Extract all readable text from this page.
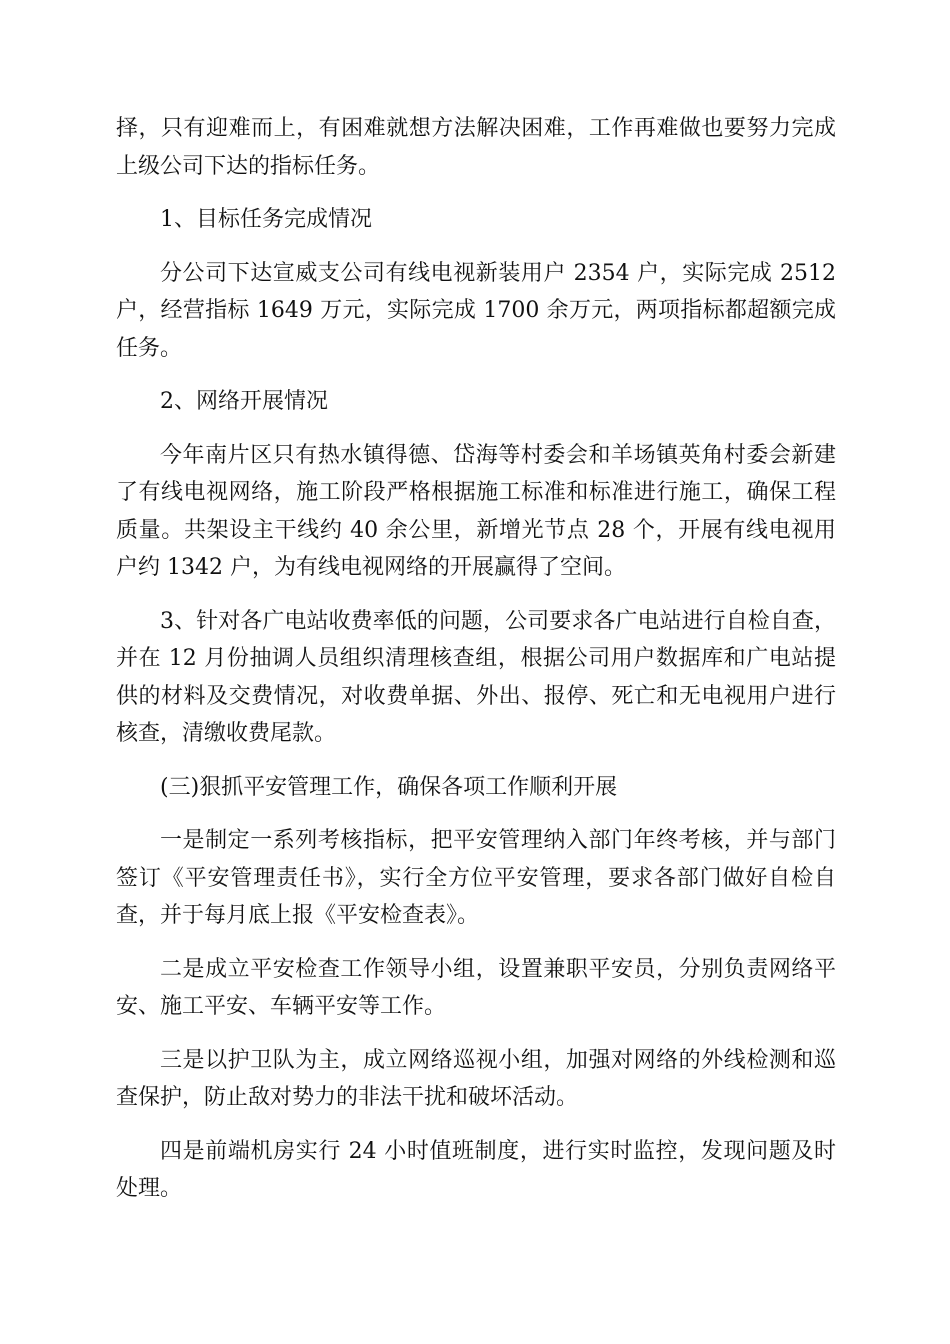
择，只有迎难而上，有困难就想方法解决困难，工作再难做也要努力完成上级公司下达的指标任务。

1、目标任务完成情况

分公司下达宣威支公司有线电视新装用户 2354 户，实际完成 2512 户，经营指标 1649 万元，实际完成 1700 余万元，两项指标都超额完成任务。

2、网络开展情况

今年南片区只有热水镇得德、岱海等村委会和羊场镇英角村委会新建了有线电视网络，施工阶段严格根据施工标准和标准进行施工，确保工程质量。共架设主干线约 40 余公里，新增光节点 28 个，开展有线电视用户约 1342 户，为有线电视网络的开展赢得了空间。

3、针对各广电站收费率低的问题，公司要求各广电站进行自检自查，并在 12 月份抽调人员组织清理核查组，根据公司用户数据库和广电站提供的材料及交费情况，对收费单据、外出、报停、死亡和无电视用户进行核查，清缴收费尾款。

(三)狠抓平安管理工作，确保各项工作顺利开展

一是制定一系列考核指标，把平安管理纳入部门年终考核，并与部门签订《平安管理责任书》，实行全方位平安管理，要求各部门做好自检自查，并于每月底上报《平安检查表》。

二是成立平安检查工作领导小组，设置兼职平安员，分别负责网络平安、施工平安、车辆平安等工作。

三是以护卫队为主，成立网络巡视小组，加强对网络的外线检测和巡查保护，防止敌对势力的非法干扰和破坏活动。

四是前端机房实行 24 小时值班制度，进行实时监控，发现问题及时处理。
